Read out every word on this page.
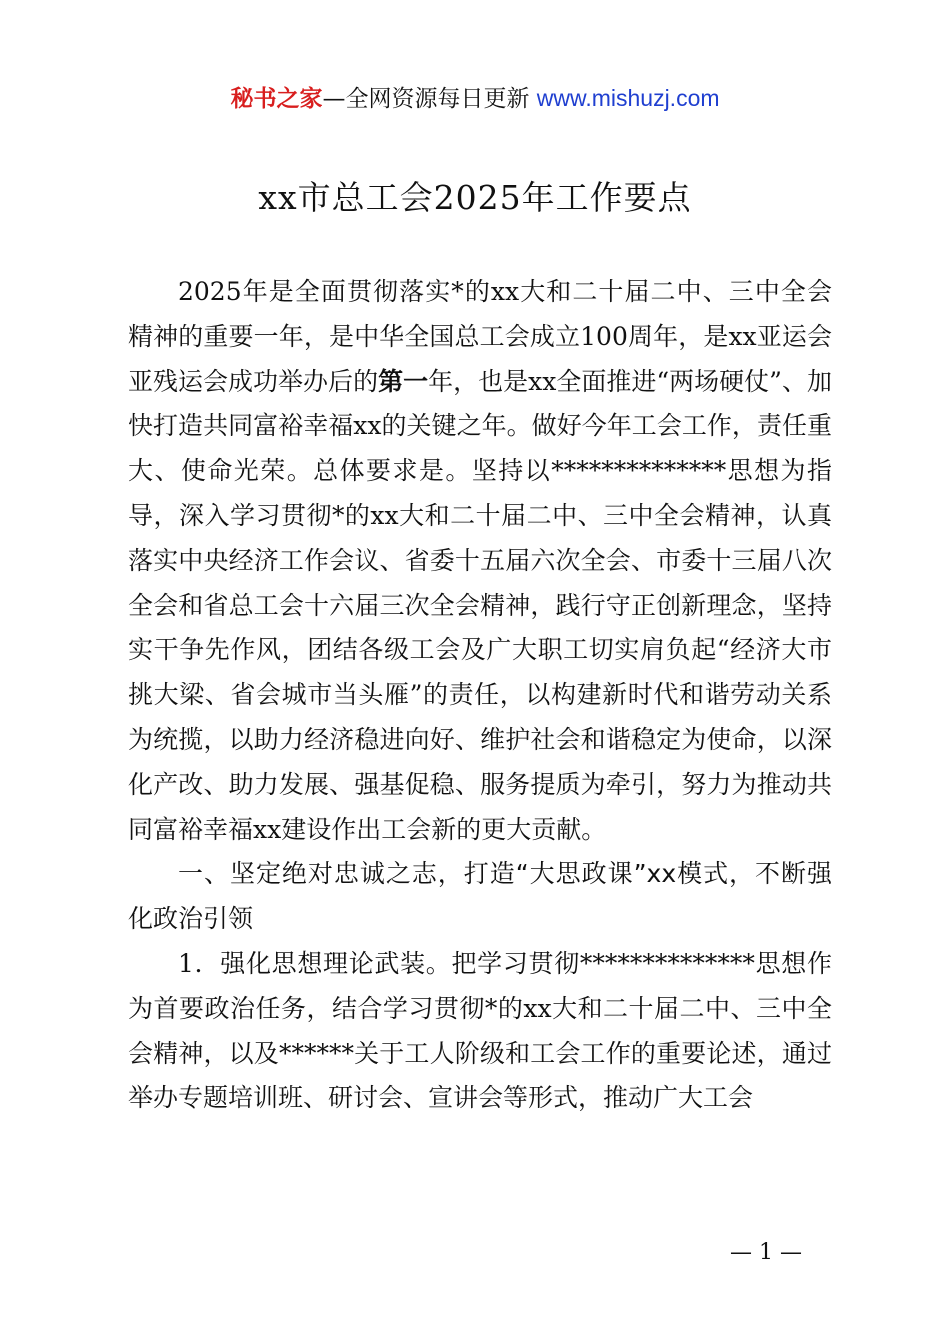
秘书之家—全网资源每日更新 www.mishuzj.com
xx市总工会2025年工作要点

2025年是全面贯彻落实*的xx大和二十届二中、三中全会精神的重要一年，是中华全国总工会成立100周年，是xx亚运会亚残运会成功举办后的第一年，也是xx全面推进“两场硬仗”、加快打造共同富裕幸福xx的关键之年。做好今年工会工作，责任重大、使命光荣。总体要求是。坚持以**************思想为指导，深入学习贯彻*的xx大和二十届二中、三中全会精神，认真落实中央经济工作会议、省委十五届六次全会、市委十三届八次全会和省总工会十六届三次全会精神，践行守正创新理念，坚持实干争先作风，团结各级工会及广大职工切实肩负起“经济大市挑大梁、省会城市当头雁”的责任，以构建新时代和谐劳动关系为统揽，以助力经济稳进向好、维护社会和谐稳定为使命，以深化产改、助力发展、强基促稳、服务提质为牵引，努力为推动共同富裕幸福xx建设作出工会新的更大贡献。

一、坚定绝对忠诚之志，打造“大思政课”xx模式，不断强化政治引领

1．强化思想理论武装。把学习贯彻**************思想作为首要政治任务，结合学习贯彻*的xx大和二十届二中、三中全会精神，以及******关于工人阶级和工会工作的重要论述，通过举办专题培训班、研讨会、宣讲会等形式，推动广大工会

— 1 —
